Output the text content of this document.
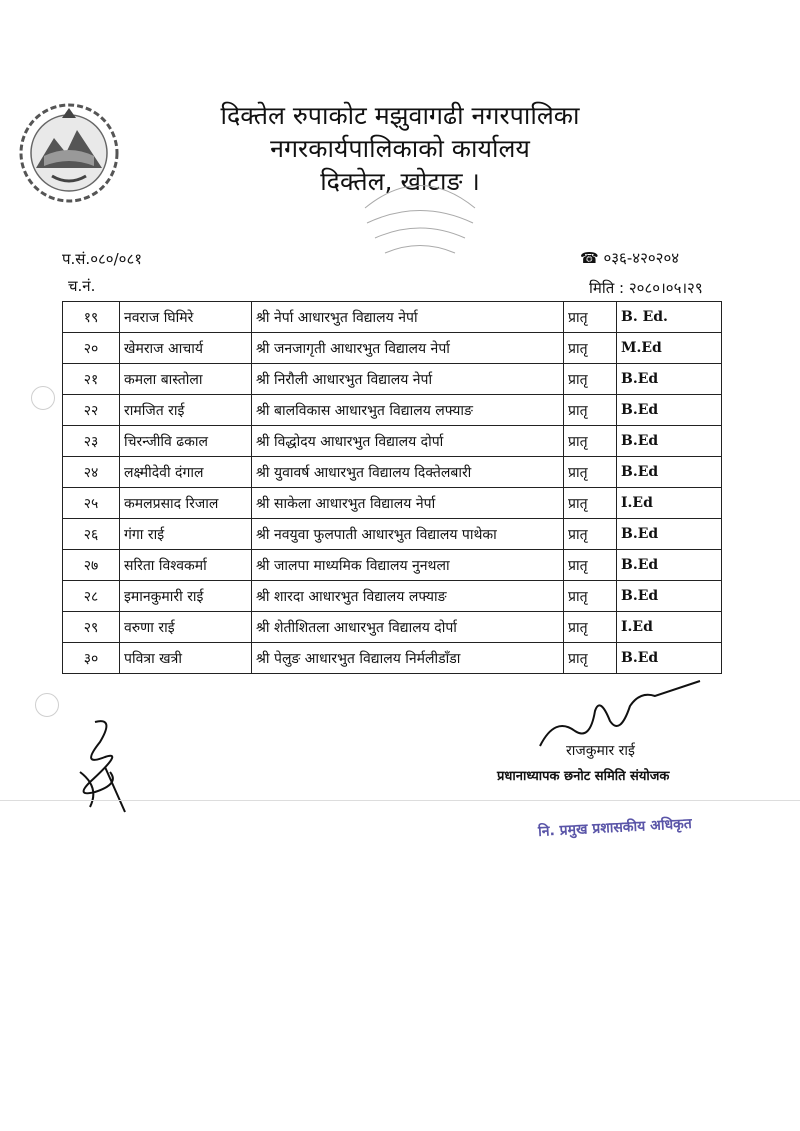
दिक्तेल रुपाकोट मझुवागढी नगरपालिका
नगरकार्यपालिकाको कार्यालय
दिक्तेल, खोटाङ ।
प.सं.०८०/०८१
च.नं.
☎ ०३६-४२०२०४
मिति : २०८०।०५।२९
१९	नवराज घिमिरे	श्री नेर्पा आधारभुत विद्यालय नेर्पा	प्रातृ	B. Ed.
२०	खेमराज आचार्य	श्री जनजागृती आधारभुत विद्यालय नेर्पा	प्रातृ	M.Ed
२१	कमला बास्तोला	श्री निरौली आधारभुत विद्यालय नेर्पा	प्रातृ	B.Ed
२२	रामजित राई	श्री बालविकास आधारभुत विद्यालय लफ्याङ	प्रातृ	B.Ed
२३	चिरन्जीवि ढकाल	श्री विद्धोदय आधारभुत विद्यालय दोर्पा	प्रातृ	B.Ed
२४	लक्ष्मीदेवी दंगाल	श्री युवावर्ष आधारभुत विद्यालय दिक्तेलबारी	प्रातृ	B.Ed
२५	कमलप्रसाद रिजाल	श्री साकेला आधारभुत विद्यालय नेर्पा	प्रातृ	I.Ed
२६	गंगा राई	श्री नवयुवा फुलपाती आधारभुत विद्यालय पाथेका	प्रातृ	B.Ed
२७	सरिता विश्वकर्मा	श्री जालपा माध्यमिक विद्यालय नुनथला	प्रातृ	B.Ed
२८	इमानकुमारी राई	श्री शारदा आधारभुत विद्यालय लफ्याङ	प्रातृ	B.Ed
२९	वरुणा राई	श्री शेतीशितला आधारभुत विद्यालय दोर्पा	प्रातृ	I.Ed
३०	पवित्रा खत्री	श्री पेलुङ आधारभुत विद्यालय निर्मलीडाँडा	प्रातृ	B.Ed
राजकुमार राई
प्रधानाध्यापक छनोट समिति संयोजक
नि. प्रमुख प्रशासकीय अधिकृत
